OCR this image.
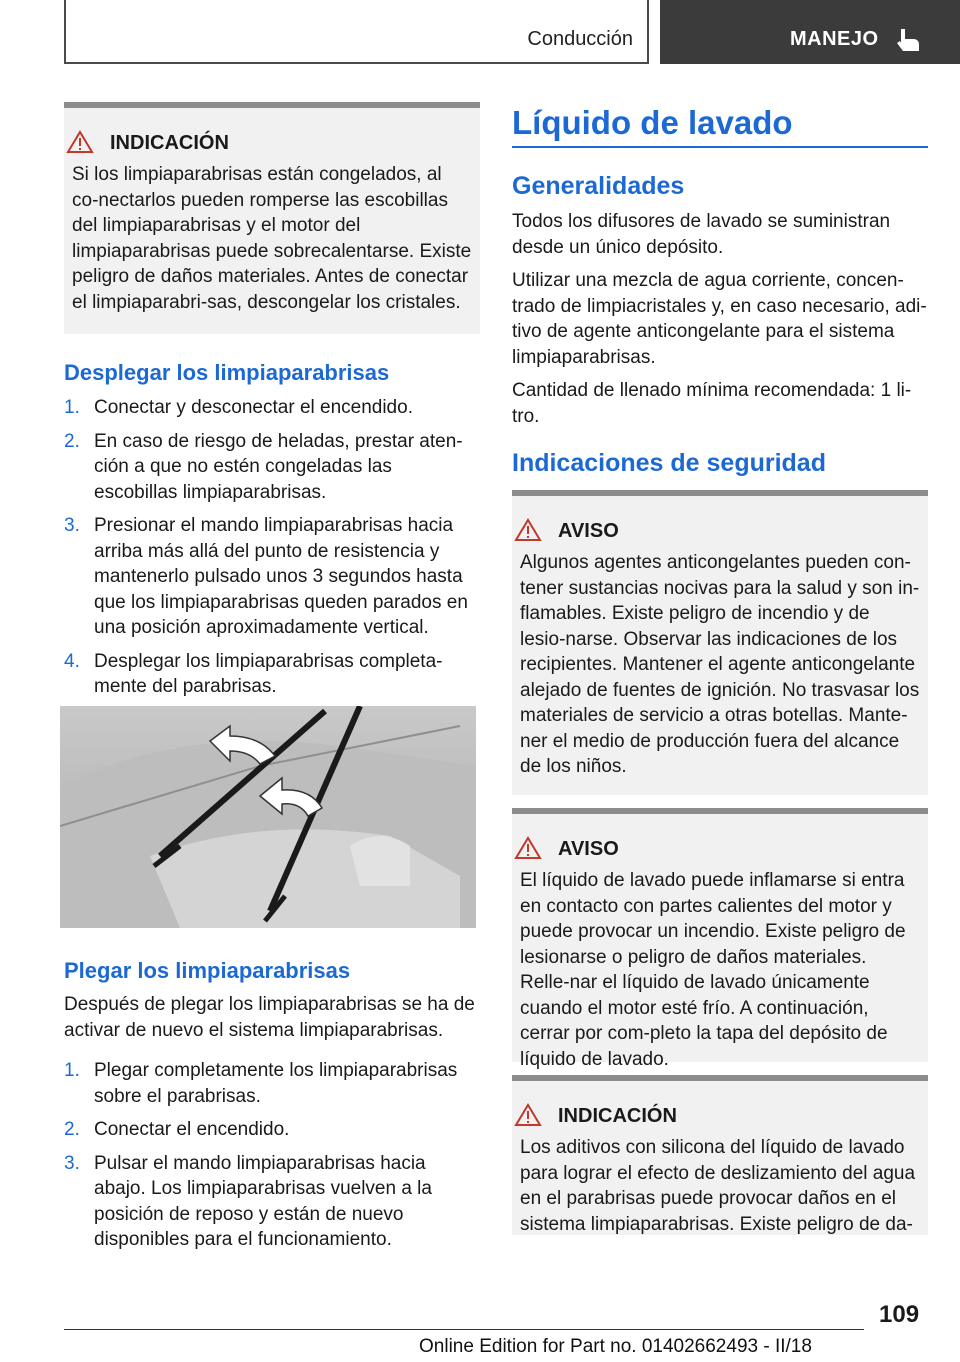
Conducción	MANEJO
INDICACIÓN
Si los limpiaparabrisas están congelados, al co-nectarlos pueden romperse las escobillas del limpiaparabrisas y el motor del limpiaparabrisas puede sobrecalentarse. Existe peligro de daños materiales. Antes de conectar el limpiaparabri-sas, descongelar los cristales.
Desplegar los limpiaparabrisas
1. Conectar y desconectar el encendido.
2. En caso de riesgo de heladas, prestar aten-ción a que no estén congeladas las escobillas limpiaparabrisas.
3. Presionar el mando limpiaparabrisas hacia arriba más allá del punto de resistencia y mantenerlo pulsado unos 3 segundos hasta que los limpiaparabrisas queden parados en una posición aproximadamente vertical.
4. Desplegar los limpiaparabrisas completa-mente del parabrisas.
Plegar los limpiaparabrisas
Después de plegar los limpiaparabrisas se ha de activar de nuevo el sistema limpiaparabrisas.
1. Plegar completamente los limpiaparabrisas sobre el parabrisas.
2. Conectar el encendido.
3. Pulsar el mando limpiaparabrisas hacia abajo. Los limpiaparabrisas vuelven a la posición de reposo y están de nuevo disponibles para el funcionamiento.
Líquido de lavado
Generalidades

Todos los difusores de lavado se suministran desde un único depósito.

Utilizar una mezcla de agua corriente, concen-trado de limpiacristales y, en caso necesario, adi-tivo de agente anticongelante para el sistema limpiaparabrisas.

Cantidad de llenado mínima recomendada: 1 li-tro.

Indicaciones de seguridad
AVISO
Algunos agentes anticongelantes pueden con-tener sustancias nocivas para la salud y son in-flamables. Existe peligro de incendio y de lesio-narse. Observar las indicaciones de los recipientes. Mantener el agente anticongelante alejado de fuentes de ignición. No trasvasar los materiales de servicio a otras botellas. Mante-ner el medio de producción fuera del alcance de los niños.
AVISO
El líquido de lavado puede inflamarse si entra en contacto con partes calientes del motor y puede provocar un incendio. Existe peligro de lesionarse o peligro de daños materiales. Relle-nar el líquido de lavado únicamente cuando el motor esté frío. A continuación, cerrar por com-pleto la tapa del depósito de líquido de lavado.
INDICACIÓN
Los aditivos con silicona del líquido de lavado para lograr el efecto de deslizamiento del agua en el parabrisas puede provocar daños en el sistema limpiaparabrisas. Existe peligro de da-
109
Online Edition for Part no. 01402662493 - II/18
